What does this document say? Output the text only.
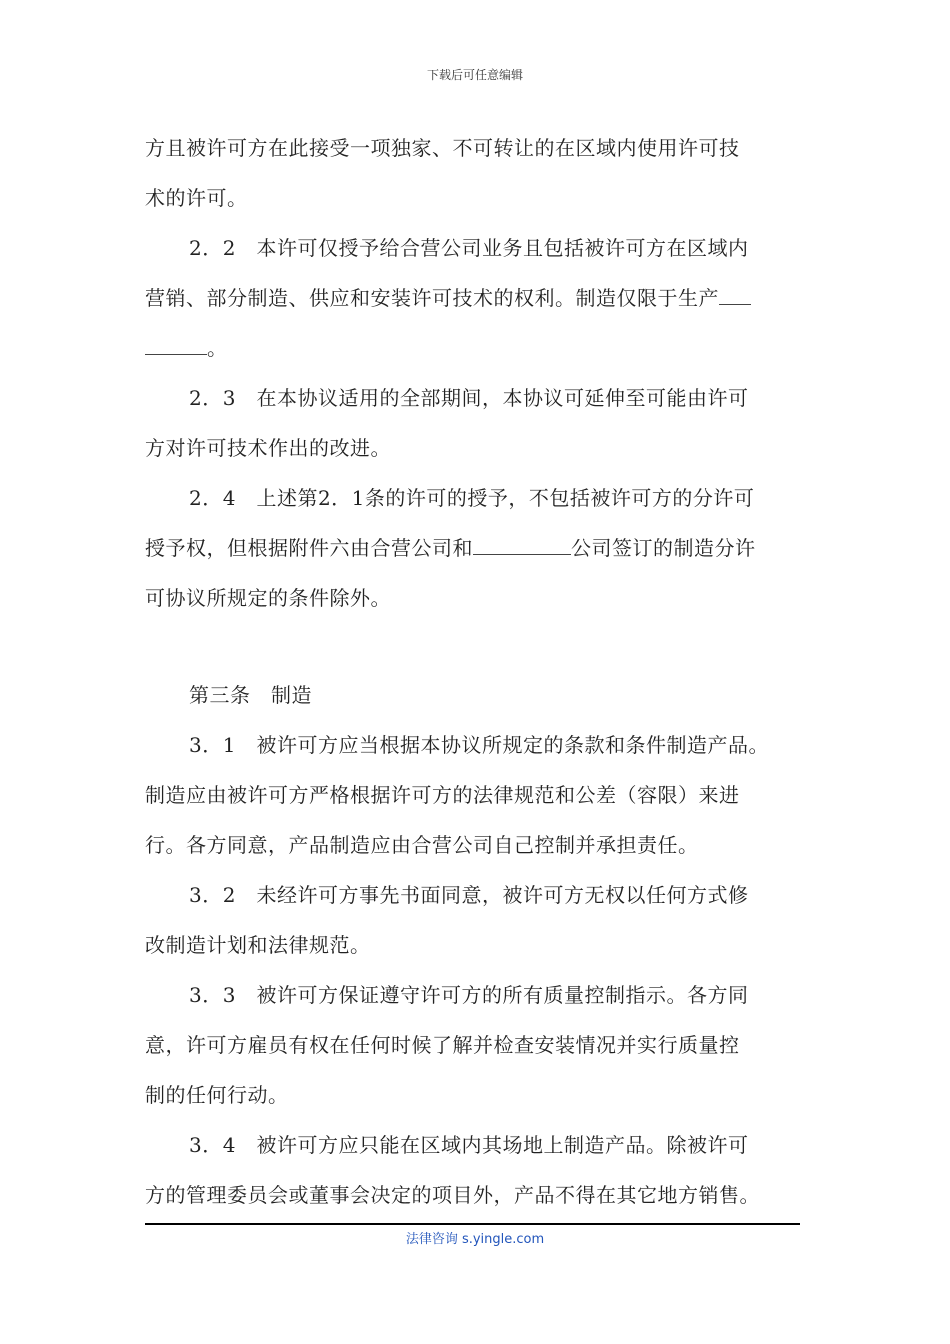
下载后可任意编辑
方且被许可方在此接受一项独家、不可转让的在区域内使用许可技
术的许可。
2．2　本许可仅授予给合营公司业务且包括被许可方在区域内
营销、部分制造、供应和安装许可技术的权利。制造仅限于生产
。
2．3　在本协议适用的全部期间，本协议可延伸至可能由许可
方对许可技术作出的改进。
2．4　上述第2．1条的许可的授予，不包括被许可方的分许可
授予权，但根据附件六由合营公司和	公司签订的制造分许
可协议所规定的条件除外。
第三条　制造
3．1　被许可方应当根据本协议所规定的条款和条件制造产品。
制造应由被许可方严格根据许可方的法律规范和公差（容限）来进
行。各方同意，产品制造应由合营公司自己控制并承担责任。
3．2　未经许可方事先书面同意，被许可方无权以任何方式修
改制造计划和法律规范。
3．3　被许可方保证遵守许可方的所有质量控制指示。各方同
意，许可方雇员有权在任何时候了解并检查安装情况并实行质量控
制的任何行动。
3．4　被许可方应只能在区域内其场地上制造产品。除被许可
方的管理委员会或董事会决定的项目外，产品不得在其它地方销售。
法律咨询 s.yingle.com
